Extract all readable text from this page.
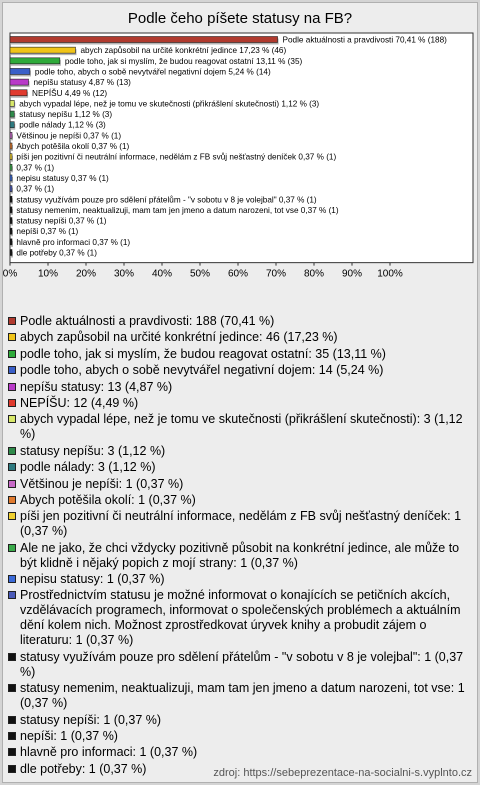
Podle čeho píšete statusy na FB?
Podle aktuálnosti a pravdivosti 70,41 % (188)
abych zapůsobil na určité konkrétní jedince 17,23 % (46)
podle toho, jak si myslím, že budou reagovat ostatní 13,11 % (35)
podle toho, abych o sobě nevytvářel negativní dojem 5,24 % (14)
nepíšu statusy 4,87 % (13)
NEPÍŠU 4,49 % (12)
abych vypadal lépe, než je tomu ve skutečnosti (přikrášlení skutečnosti) 1,12 % (3)
statusy nepíšu 1,12 % (3)
podle nálady 1,12 % (3)
Většinou je nepíši 0,37 % (1)
Abych potěšila okolí 0,37 % (1)
píši jen pozitivní či neutrální informace, nedělám z FB svůj nešťastný deníček 0,37 % (1)
0,37 % (1)
nepisu statusy 0,37 % (1)
0,37 % (1)
statusy využívám pouze pro sdělení přátelům - "v sobotu v 8 je volejbal" 0,37 % (1)
statusy nemenim, neaktualizuji, mam tam jen jmeno a datum narozeni, tot vse 0,37 % (1)
statusy nepíši 0,37 % (1)
nepíši 0,37 % (1)
hlavně pro informaci 0,37 % (1)
dle potřeby 0,37 % (1)
0% 10% 20% 30% 40% 50% 60% 70% 80% 90% 100%
Podle aktuálnosti a pravdivosti: 188 (70,41 %)
abych zapůsobil na určité konkrétní jedince: 46 (17,23 %)
podle toho, jak si myslím, že budou reagovat ostatní: 35 (13,11 %)
podle toho, abych o sobě nevytvářel negativní dojem: 14 (5,24 %)
nepíšu statusy: 13 (4,87 %)
NEPÍŠU: 12 (4,49 %)
abych vypadal lépe, než je tomu ve skutečnosti (přikrášlení skutečnosti): 3 (1,12 %)
statusy nepíšu: 3 (1,12 %)
podle nálady: 3 (1,12 %)
Většinou je nepíši: 1 (0,37 %)
Abych potěšila okolí: 1 (0,37 %)
píši jen pozitivní či neutrální informace, nedělám z FB svůj nešťastný deníček: 1 (0,37 %)
Ale ne jako, že chci vždycky pozitivně působit na konkrétní jedince, ale může to být klidně i nějaký popich z mojí strany: 1 (0,37 %)
nepisu statusy: 1 (0,37 %)
Prostřednictvím statusu je možné informovat o konajících se petičních akcích, vzdělávacích programech, informovat o společenských problémech a aktuálním dění kolem nich. Možnost zprostředkovat úryvek knihy a probudit zájem o literaturu: 1 (0,37 %)
statusy využívám pouze pro sdělení přátelům - "v sobotu v 8 je volejbal": 1 (0,37 %)
statusy nemenim, neaktualizuji, mam tam jen jmeno a datum narozeni, tot vse: 1 (0,37 %)
statusy nepíši: 1 (0,37 %)
nepíši: 1 (0,37 %)
hlavně pro informaci: 1 (0,37 %)
dle potřeby: 1 (0,37 %)	zdroj: https://sebeprezentace-na-socialni-s.vyplnto.cz
